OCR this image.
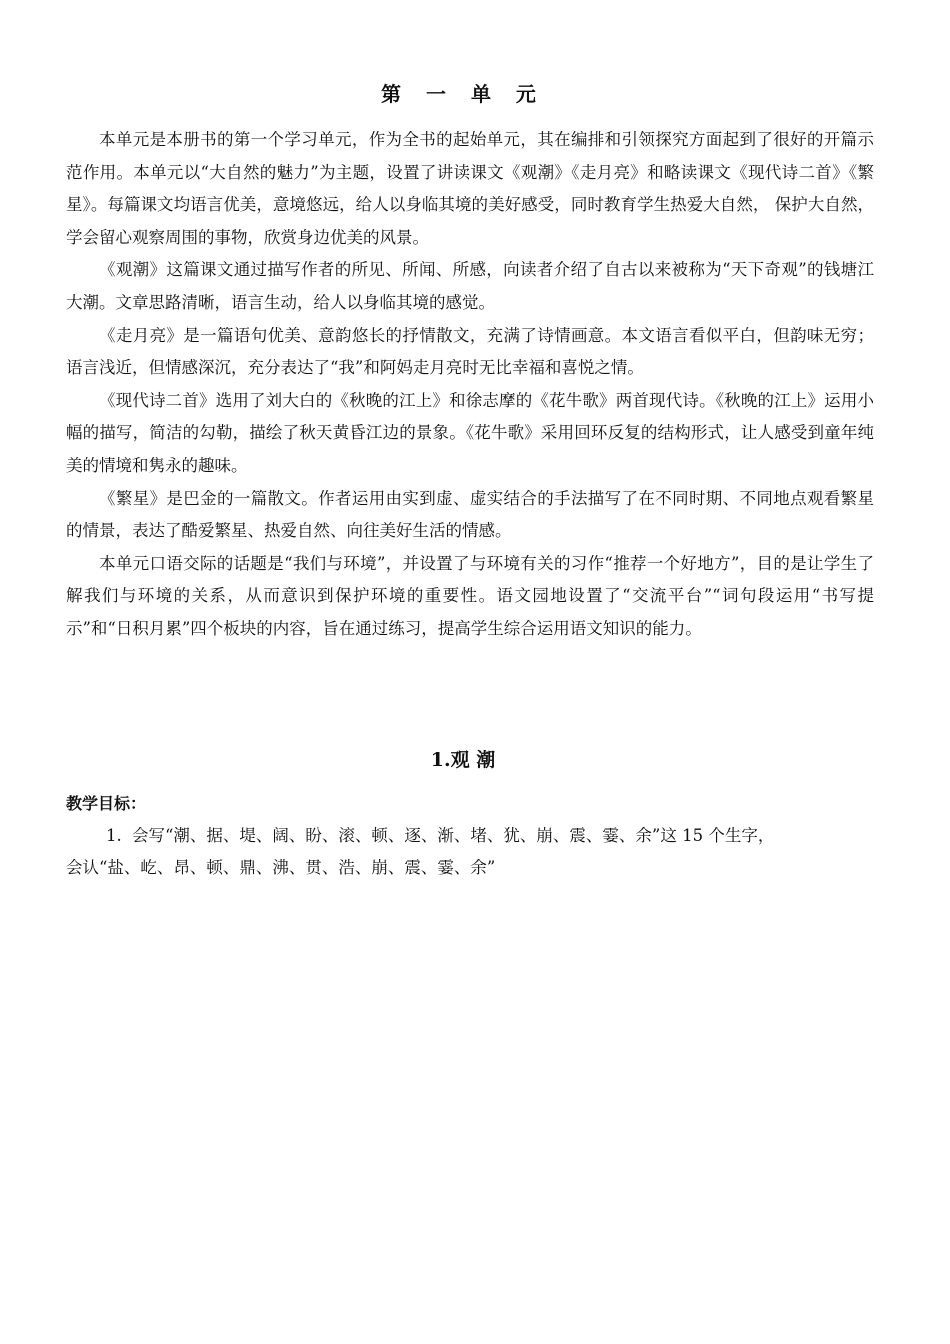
第 一 单 元

本单元是本册书的第一个学习单元，作为全书的起始单元，其在编排和引领探究方面起到了很好的开篇示范作用。本单元以“大自然的魅力”为主题，设置了讲读课文《观潮》《走月亮》和略读课文《现代诗二首》《繁星》。每篇课文均语言优美，意境悠远，给人以身临其境的美好感受，同时教育学生热爱大自然， 保护大自然，学会留心观察周围的事物，欣赏身边优美的风景。

《观潮》这篇课文通过描写作者的所见、所闻、所感，向读者介绍了自古以来被称为“天下奇观”的钱塘江大潮。文章思路清晰，语言生动，给人以身临其境的感觉。

《走月亮》是一篇语句优美、意韵悠长的抒情散文，充满了诗情画意。本文语言看似平白，但韵味无穷；语言浅近，但情感深沉，充分表达了“我”和阿妈走月亮时无比幸福和喜悦之情。

《现代诗二首》选用了刘大白的《秋晚的江上》和徐志摩的《花牛歌》两首现代诗。《秋晚的江上》运用小幅的描写，简洁的勾勒，描绘了秋天黄昏江边的景象。《花牛歌》采用回环反复的结构形式，让人感受到童年纯美的情境和隽永的趣味。

《繁星》是巴金的一篇散文。作者运用由实到虚、虚实结合的手法描写了在不同时期、不同地点观看繁星的情景，表达了酷爱繁星、热爱自然、向往美好生活的情感。

本单元口语交际的话题是“我们与环境”，并设置了与环境有关的习作“推荐一个好地方”，目的是让学生了解我们与环境的关系，从而意识到保护环境的重要性。语文园地设置了“交流平台”“词句段运用“书写提示”和“日积月累”四个板块的内容，旨在通过练习，提高学生综合运用语文知识的能力。

1.观 潮
教学目标：
1. 会写“潮、据、堤、阔、盼、滚、顿、逐、渐、堵、犹、崩、震、霎、余”这 15 个生字，
会认“盐、屹、昂、顿、鼎、沸、贯、浩、崩、震、霎、余”
